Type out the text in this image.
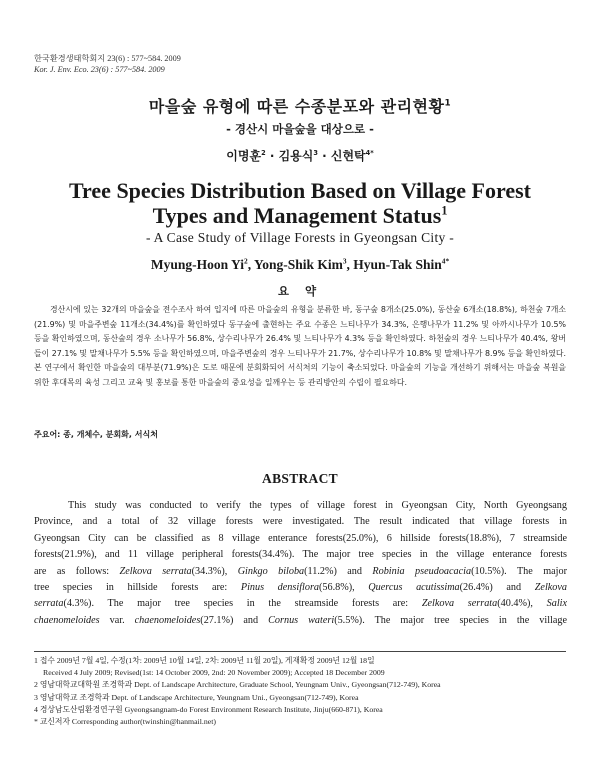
한국환경생태학회지 23(6) : 577~584. 2009
Kor. J. Env. Eco. 23(6) : 577~584. 2009
마을숲 유형에 따른 수종분포와 관리현황$^1$
- 경산시 마을숲을 대상으로 -
이명훈$^2$ · 김용식$^3$ · 신현탁$^{4*}$
Tree Species Distribution Based on Village Forest
Types and Management Status$^1$
- A Case Study of Village Forests in Gyeongsan City -
Myung-Hoon Yi$^2$, Yong-Shik Kim$^3$, Hyun-Tak Shin$^{4*}$
요 약

경산시에 있는 32개의 마을숲을 전수조사 하여 입지에 따른 마을숲의 유형을 분류한 바, 동구숲 8개소(25.0%), 동산숲 6개소(18.8%), 하천숲 7개소(21.9%) 및 마을주변숲 11개소(34.4%)를 확인하였다 동구숲에 출현하는 주요 수종은 느티나무가 34.3%, 은행나무가 11.2% 및 아까시나무가 10.5% 등을 확인하였으며, 동산숲의 경우 소나무가 56.8%, 상수리나무가 26.4% 및 느티나무가 4.3% 등을 확인하였다. 하천숲의 경우 느티나무가 40.4%, 왕버들이 27.1% 및 말채나무가 5.5% 등을 확인하였으며, 마을주변숲의 경우 느티나무가 21.7%, 상수리나무가 10.8% 및 말채나무가 8.9% 등을 확인하였다. 본 연구에서 확인한 마을숲의 대부분(71.9%)은 도로 때문에 분회화되어 서식처의 기능이 축소되었다. 마을숲의 기능을 개선하기 위해서는 마을숲 복원을 위한 후대목의 육성 그리고 교육 및 홍보를 통한 마을숲의 중요성을 일깨우는 등 관리방안의 수립이 필요하다.

주요어: 종, 개체수, 분회화, 서식처
ABSTRACT
This study was conducted to verify the types of village forest in Gyeongsan City, North Gyeongsang
Province, and a total of 32 village forests were investigated. The result indicated that village forests in
Gyeongsan City can be classified as 8 village enterance forests(25.0%), 6 hillside forests(18.8%), 7 streamside
forests(21.9%), and 11 village peripheral forests(34.4%). The major tree species in the village enterance forests
are as follows: Zelkova serrata(34.3%), Ginkgo biloba(11.2%) and Robinia pseudoacacia(10.5%). The major
tree species in hillside forests are: Pinus densiflora(56.8%), Quercus acutissima(26.4%) and Zelkova
serrata(4.3%). The major tree species in the streamside forests are: Zelkova serrata(40.4%), Salix
chaenomeloides var. chaenomeloides(27.1%) and Cornus wateri(5.5%). The major tree species in the village
1 접수 2009년 7월 4일, 수정(1차: 2009년 10월 14일, 2차: 2009년 11월 20일), 게재확정 2009년 12월 18일
Received 4 July 2009; Revised(1st: 14 October 2009, 2nd: 20 November 2009); Accepted 18 December 2009
2 영남대학교대학원 조경학과 Dept. of Landscape Architecture, Graduate School, Yeungnam Univ., Gyeongsan(712-749), Korea
3 영남대학교 조경학과 Dept. of Landscape Architecture, Yeungnam Uni., Gyeongsan(712-749), Korea
4 경상남도산림환경연구원 Gyeongsangnam-do Forest Environment Research Institute, Jinju(660-871), Korea
* 교신저자 Corresponding author(twinshin@hanmail.net)
